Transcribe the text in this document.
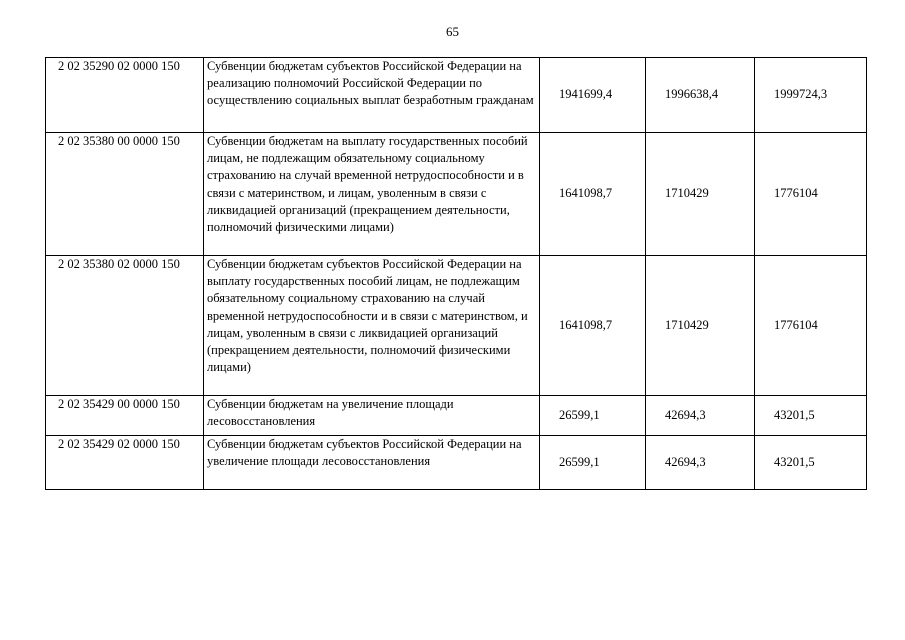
65
2 02 35290 02 0000 150	Субвенции бюджетам субъектов Российской Федерации на реализацию полномочий Российской Федерации по осуществлению социальных выплат безработным гражданам	1941699,4	1996638,4	1999724,3
2 02 35380 00 0000 150	Субвенции бюджетам на выплату государственных пособий лицам, не подлежащим обязательному социальному страхованию на случай временной нетрудоспособности и в связи с материнством, и лицам, уволенным в связи с ликвидацией организаций (прекращением деятельности, полномочий физическими лицами)	1641098,7	1710429	1776104
2 02 35380 02 0000 150	Субвенции бюджетам субъектов Российской Федерации на выплату государственных пособий лицам, не подлежащим обязательному социальному страхованию на случай временной нетрудоспособности и в связи с материнством, и лицам, уволенным в связи с ликвидацией организаций (прекращением деятельности, полномочий физическими лицами)	1641098,7	1710429	1776104
2 02 35429 00 0000 150	Субвенции бюджетам на увеличение площади лесовосстановления	26599,1	42694,3	43201,5
2 02 35429 02 0000 150	Субвенции бюджетам субъектов Российской Федерации на увеличение площади лесовосстановления	26599,1	42694,3	43201,5
